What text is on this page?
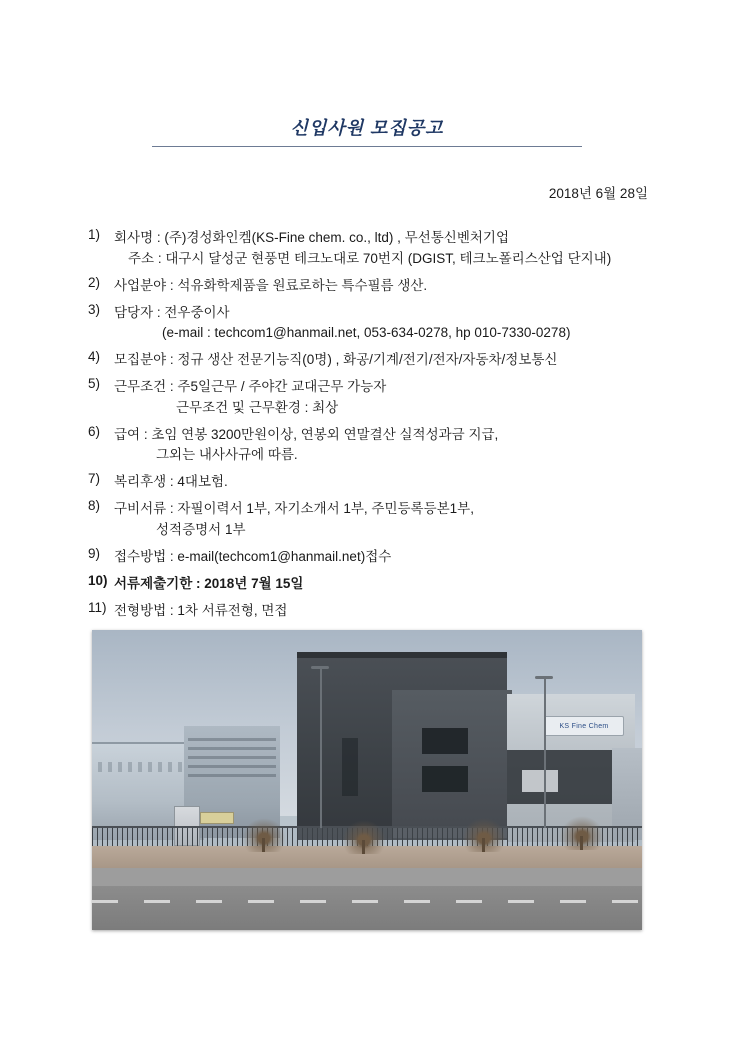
신입사원 모집공고
2018년 6월 28일
1)	회사명 : (주)경성화인켐(KS-Fine chem. co., ltd) , 무선통신벤처기업
주소 : 대구시 달성군 현풍면 테크노대로 70번지 (DGIST, 테크노폴리스산업 단지내)
2)	사업분야 : 석유화학제품을 원료로하는 특수필름 생산.
3)	담당자 : 전우중이사
(e-mail : techcom1@hanmail.net, 053-634-0278, hp 010-7330-0278)
4)	모집분야 : 정규 생산 전문기능직(0명) , 화공/기계/전기/전자/자동차/정보통신
5)	근무조건 : 주5일근무 / 주야간 교대근무 가능자
근무조건 및 근무환경 : 최상
6)	급여 : 초임 연봉 3200만원이상, 연봉외 연말결산 실적성과금 지급,
그외는 내사사규에 따름.
7)	복리후생 : 4대보험.
8)	구비서류 : 자필이력서 1부, 자기소개서 1부, 주민등록등본1부,
성적증명서 1부
9)	접수방법 : e-mail(techcom1@hanmail.net)접수
10) 서류제출기한 : 2018년 7월 15일
11) 전형방법 : 1차 서류전형, 면접
KS Fine Chem
